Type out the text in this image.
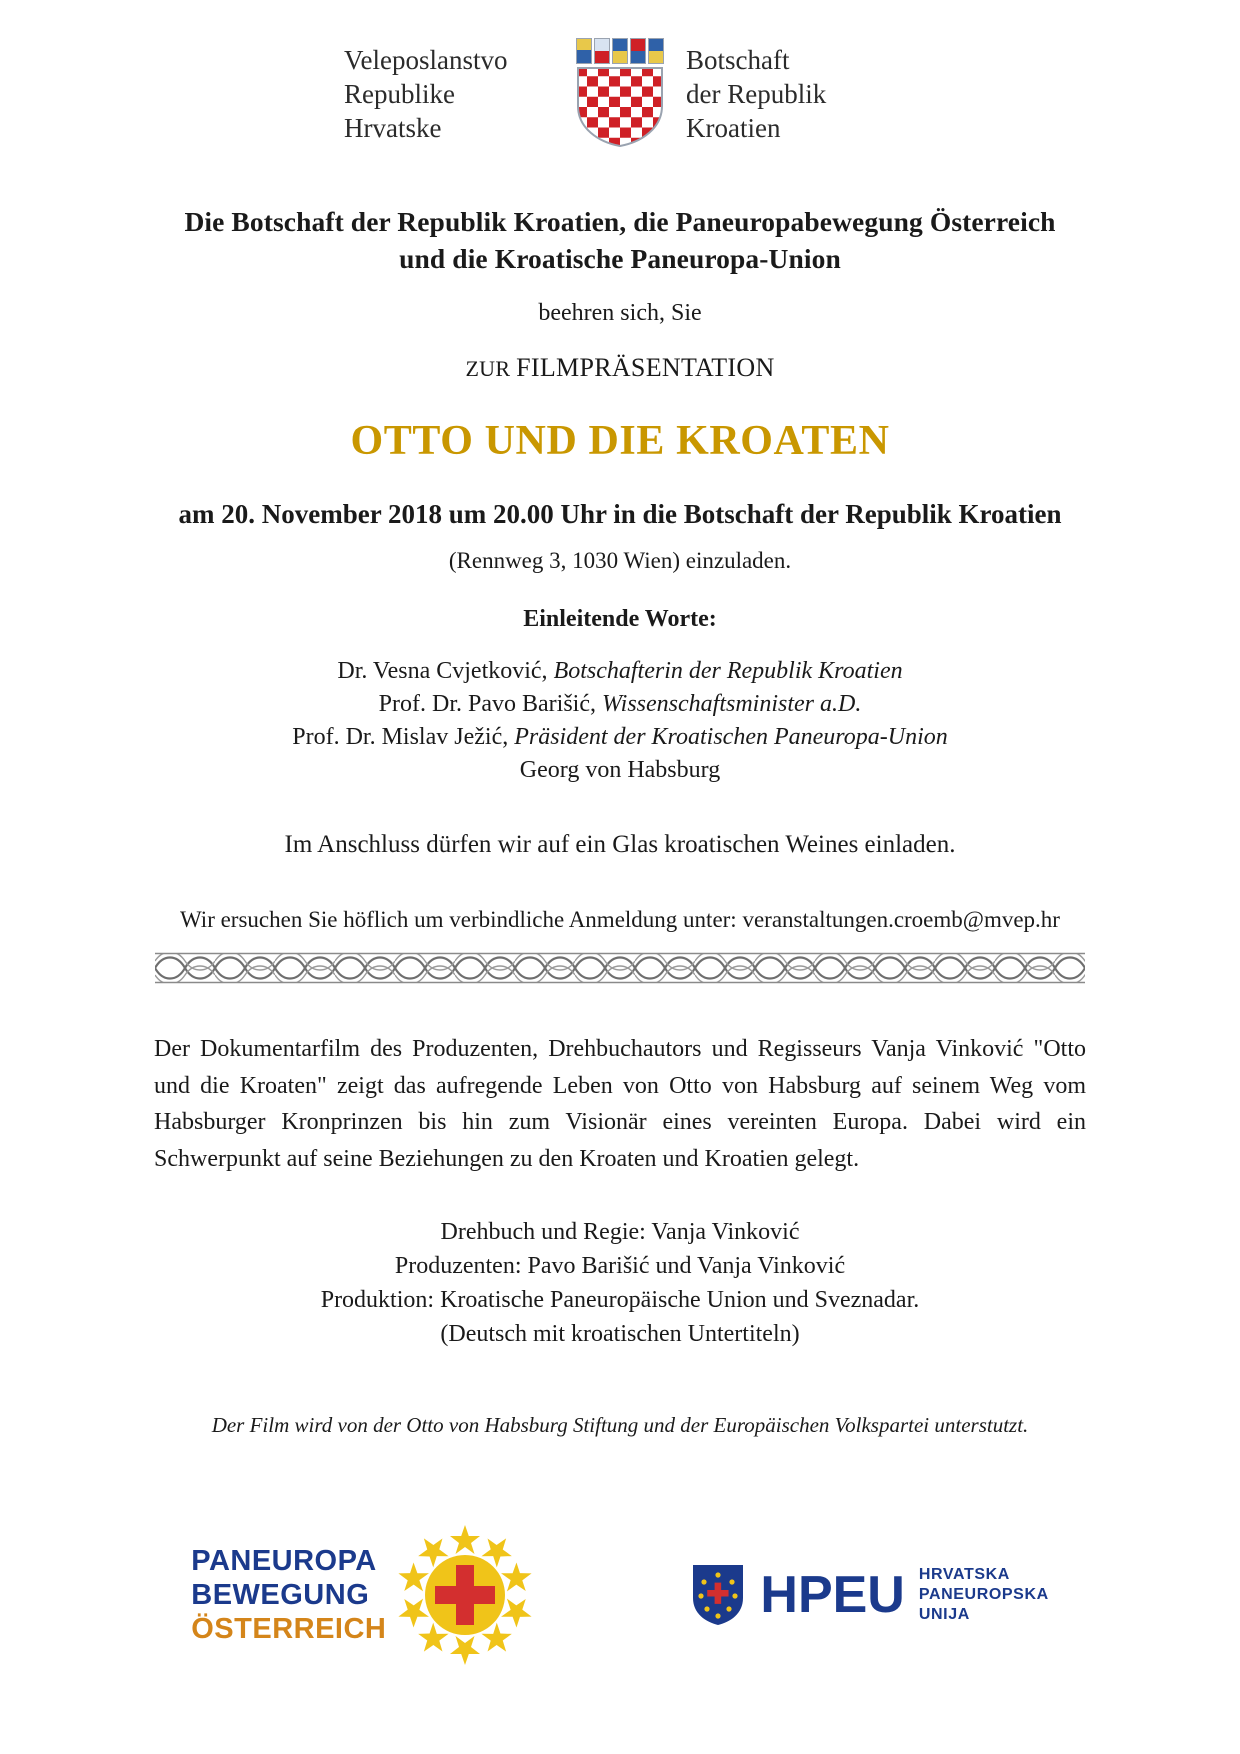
Veleposlanstvo
Republike
Hrvatske
Botschaft
der Republik
Kroatien
Die Botschaft der Republik Kroatien, die Paneuropabewegung Österreich
und die Kroatische Paneuropa-Union
beehren sich, Sie
ZUR FILMPRÄSENTATION
OTTO UND DIE KROATEN
am 20. November 2018 um 20.00 Uhr in die Botschaft der Republik Kroatien
(Rennweg 3, 1030 Wien) einzuladen.
Einleitende Worte:
Dr. Vesna Cvjetković, Botschafterin der Republik Kroatien
Prof. Dr. Pavo Barišić, Wissenschaftsminister a.D.
Prof. Dr. Mislav Ježić, Präsident der Kroatischen Paneuropa-Union
Georg von Habsburg
Im Anschluss dürfen wir auf ein Glas kroatischen Weines einladen.
Wir ersuchen Sie höflich um verbindliche Anmeldung unter: veranstaltungen.croemb@mvep.hr
Der Dokumentarfilm des Produzenten, Drehbuchautors und Regisseurs Vanja Vinković "Otto und die Kroaten" zeigt das aufregende Leben von Otto von Habsburg auf seinem Weg vom Habsburger Kronprinzen bis hin zum Visionär eines vereinten Europa. Dabei wird ein Schwerpunkt auf seine Beziehungen zu den Kroaten und Kroatien gelegt.
Drehbuch und Regie: Vanja Vinković
Produzenten: Pavo Barišić und Vanja Vinković
Produktion: Kroatische Paneuropäische Union und Sveznadar.
(Deutsch mit kroatischen Untertiteln)
Der Film wird von der Otto von Habsburg Stiftung und der Europäischen Volkspartei unterstutzt.
PANEUROPA
BEWEGUNG
ÖSTERREICH
HPEU HRVATSKA
PANEUROPSKA
UNIJA
